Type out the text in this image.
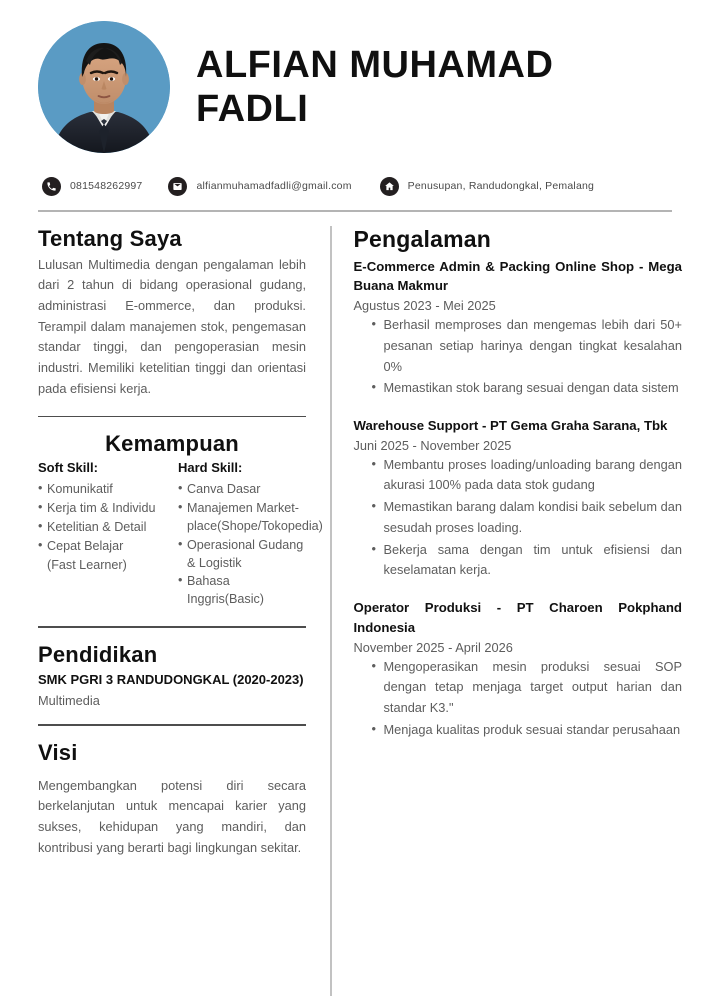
ALFIAN MUHAMAD
FADLI
081548262997	alfianmuhamadfadli@gmail.com	Penusupan, Randudongkal, Pemalang
Tentang Saya

Lulusan Multimedia dengan pengalaman lebih dari 2 tahun di bidang operasional gudang, administrasi E-ommerce, dan produksi. Terampil dalam manajemen stok, pengemasan standar tinggi, dan pengoperasian mesin industri. Memiliki ketelitian tinggi dan orientasi pada efisiensi kerja.

Kemampuan
Soft Skill:
• Komunikatif
• Kerja tim & Individu
• Ketelitian & Detail
• Cepat Belajar
(Fast Learner)
Hard Skill:
• Canva Dasar
• Manajemen Market-place(Shope/Tokopedia)
• Operasional Gudang & Logistik
• Bahasa Inggris(Basic)
Pendidikan
SMK PGRI 3 RANDUDONGKAL (2020-2023)
Multimedia
Visi

Mengembangkan potensi diri secara berkelanjutan untuk mencapai karier yang sukses, kehidupan yang mandiri, dan kontribusi yang berarti bagi lingkungan sekitar.

Pengalaman
E-Commerce Admin & Packing Online Shop - Mega Buana Makmur
Agustus 2023 - Mei 2025
• Berhasil memproses dan mengemas lebih dari 50+ pesanan setiap harinya dengan tingkat kesalahan 0%
• Memastikan stok barang sesuai dengan data sistem
Warehouse Support - PT Gema Graha Sarana, Tbk
Juni 2025 - November 2025
• Membantu proses loading/unloading barang dengan akurasi 100% pada data stok gudang
• Memastikan barang dalam kondisi baik sebelum dan sesudah proses loading.
• Bekerja sama dengan tim untuk efisiensi dan keselamatan kerja.
Operator Produksi - PT Charoen Pokphand Indonesia
November 2025 - April 2026
• Mengoperasikan mesin produksi sesuai SOP dengan tetap menjaga target output harian dan standar K3."
• Menjaga kualitas produk sesuai standar perusahaan
